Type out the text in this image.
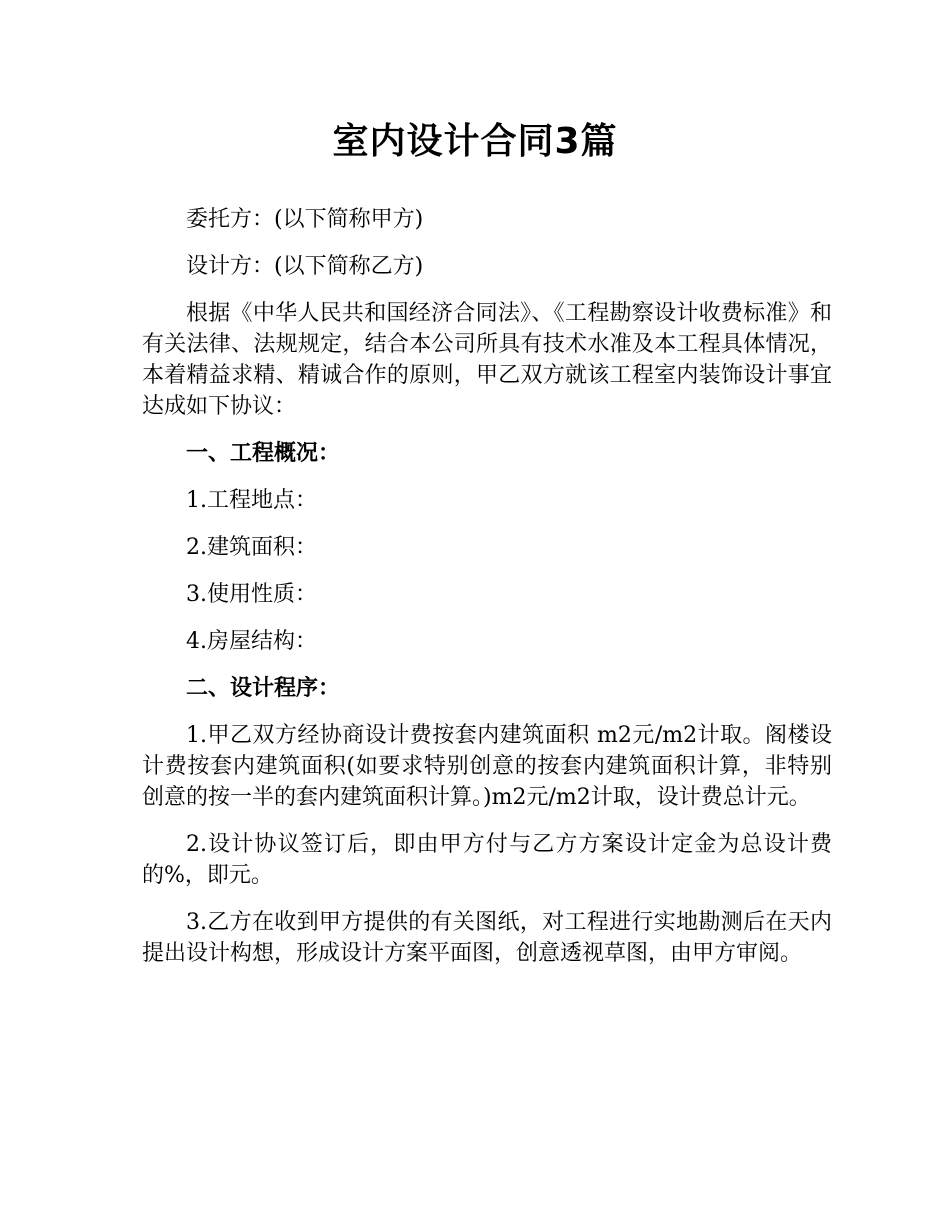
室内设计合同3篇

委托方：(以下简称甲方)

设计方：(以下简称乙方)

根据《中华人民共和国经济合同法》、《工程勘察设计收费标准》和有关法律、法规规定，结合本公司所具有技术水准及本工程具体情况，本着精益求精、精诚合作的原则，甲乙双方就该工程室内装饰设计事宜达成如下协议：

一、工程概况：

1.工程地点：

2.建筑面积：

3.使用性质：

4.房屋结构：

二、设计程序：

1.甲乙双方经协商设计费按套内建筑面积 m2元/m2计取。阁楼设计费按套内建筑面积(如要求特别创意的按套内建筑面积计算，非特别创意的按一半的套内建筑面积计算。)m2元/m2计取，设计费总计元。

2.设计协议签订后，即由甲方付与乙方方案设计定金为总设计费的%，即元。

3.乙方在收到甲方提供的有关图纸，对工程进行实地勘测后在天内提出设计构想，形成设计方案平面图，创意透视草图，由甲方审阅。
